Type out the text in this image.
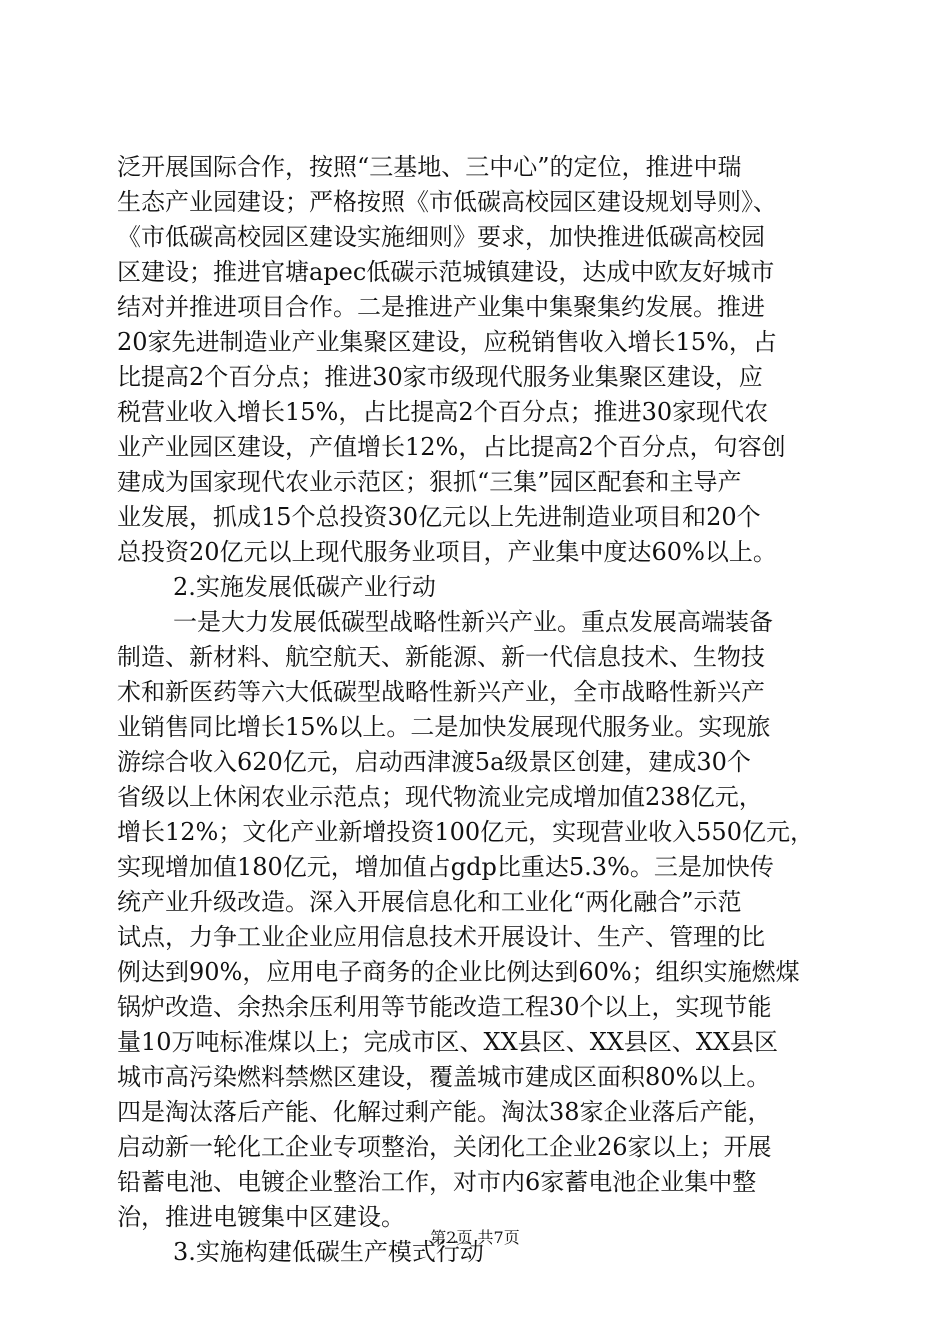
泛开展国际合作，按照“三基地、三中心”的定位，推进中瑞
生态产业园建设；严格按照《市低碳高校园区建设规划导则》、
《市低碳高校园区建设实施细则》要求，加快推进低碳高校园
区建设；推进官塘apec低碳示范城镇建设，达成中欧友好城市
结对并推进项目合作。二是推进产业集中集聚集约发展。推进
20家先进制造业产业集聚区建设，应税销售收入增长15%，占
比提高2个百分点；推进30家市级现代服务业集聚区建设，应
税营业收入增长15%，占比提高2个百分点；推进30家现代农
业产业园区建设，产值增长12%，占比提高2个百分点，句容创
建成为国家现代农业示范区；狠抓“三集”园区配套和主导产
业发展，抓成15个总投资30亿元以上先进制造业项目和20个
总投资20亿元以上现代服务业项目，产业集中度达60%以上。
2.实施发展低碳产业行动
一是大力发展低碳型战略性新兴产业。重点发展高端装备
制造、新材料、航空航天、新能源、新一代信息技术、生物技
术和新医药等六大低碳型战略性新兴产业，全市战略性新兴产
业销售同比增长15%以上。二是加快发展现代服务业。实现旅
游综合收入620亿元，启动西津渡5a级景区创建，建成30个
省级以上休闲农业示范点；现代物流业完成增加值238亿元，
增长12%；文化产业新增投资100亿元，实现营业收入550亿元，
实现增加值180亿元，增加值占gdp比重达5.3%。三是加快传
统产业升级改造。深入开展信息化和工业化“两化融合”示范
试点，力争工业企业应用信息技术开展设计、生产、管理的比
例达到90%，应用电子商务的企业比例达到60%；组织实施燃煤
锅炉改造、余热余压利用等节能改造工程30个以上，实现节能
量10万吨标准煤以上；完成市区、XX县区、XX县区、XX县区
城市高污染燃料禁燃区建设，覆盖城市建成区面积80%以上。
四是淘汰落后产能、化解过剩产能。淘汰38家企业落后产能，
启动新一轮化工企业专项整治，关闭化工企业26家以上；开展
铅蓄电池、电镀企业整治工作，对市内6家蓄电池企业集中整
治，推进电镀集中区建设。
3.实施构建低碳生产模式行动
第2页 共7页
